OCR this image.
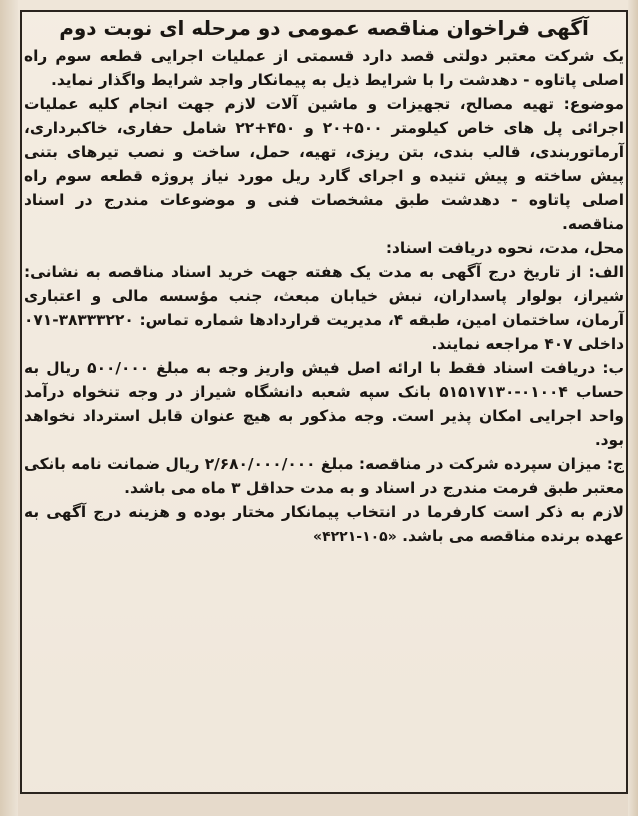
آگهی فراخوان مناقصه عمومی دو مرحله ای نوبت دوم

یک شرکت معتبر دولتی قصد دارد قسمتی از عملیات اجرایی قطعه سوم راه اصلی پاتاوه - دهدشت را با شرایط ذیل به پیمانکار واجد شرایط واگذار نماید.

موضوع: تهیه مصالح، تجهیزات و ماشین آلات لازم جهت انجام کلیه عملیات اجرائی پل های خاص کیلومتر ۵۰۰+۲۰ و ۴۵۰+۲۲ شامل حفاری، خاکبرداری، آرماتوربندی، قالب بندی، بتن ریزی، تهیه، حمل، ساخت و نصب تیرهای بتنی پیش ساخته و پیش تنیده و اجرای گارد ریل مورد نیاز پروژه قطعه سوم راه اصلی پاتاوه - دهدشت طبق مشخصات فنی و موضوعات مندرج در اسناد مناقصه.

محل، مدت، نحوه دریافت اسناد:

الف: از تاریخ درج آگهی به مدت یک هفته جهت خرید اسناد مناقصه به نشانی: شیراز، بولوار پاسداران، نبش خیابان مبعث، جنب مؤسسه مالی و اعتباری آرمان، ساختمان امین، طبقه ۴، مدیریت قراردادها شماره تماس: ۳۸۳۳۳۲۲۰-۰۷۱ داخلی ۴۰۷ مراجعه نمایند.

ب: دریافت اسناد فقط با ارائه اصل فیش واریز وجه به مبلغ ۵۰۰/۰۰۰ ریال به حساب ۰۱۰۰۴-۵۱۵۱۷۱۳۰ بانک سپه شعبه دانشگاه شیراز در وجه تنخواه درآمد واحد اجرایی امکان پذیر است. وجه مذکور به هیچ عنوان قابل استرداد نخواهد بود.

ج: میزان سپرده شرکت در مناقصه: مبلغ ۲/۶۸۰/۰۰۰/۰۰۰ ریال ضمانت نامه بانکی معتبر طبق فرمت مندرج در اسناد و به مدت حداقل ۳ ماه می باشد.

لازم به ذکر است کارفرما در انتخاب پیمانکار مختار بوده و هزینه درج آگهی به عهده برنده مناقصه می باشد. «۴۲۲۱-۱۰۵»
